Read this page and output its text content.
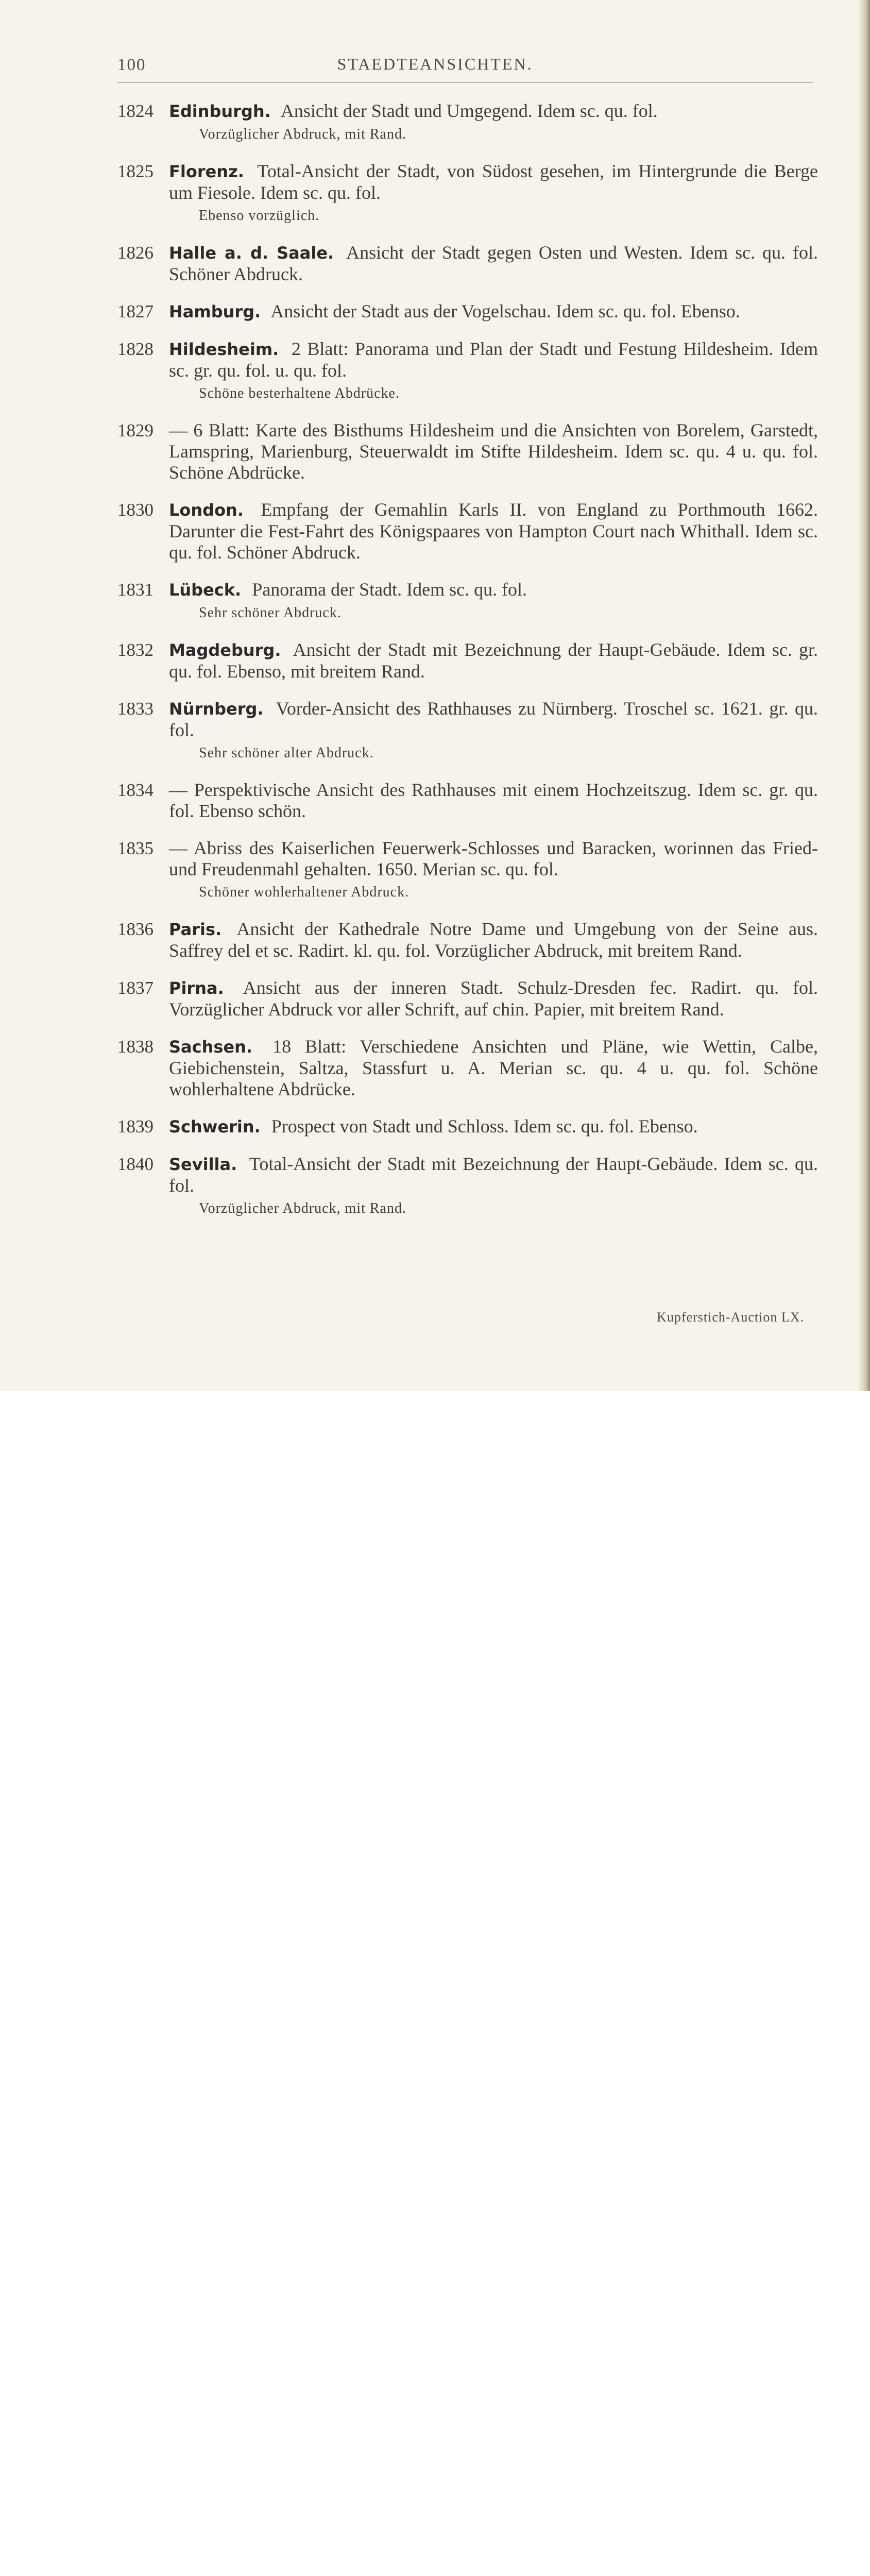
100	STAEDTEANSICHTEN.
1824 Edinburgh. Ansicht der Stadt und Umgegend. Idem sc. qu. fol.
Vorzüglicher Abdruck, mit Rand.
1825 Florenz. Total-Ansicht der Stadt, von Südost gesehen, im Hintergrunde die Berge um Fiesole. Idem sc. qu. fol.
Ebenso vorzüglich.
1826 Halle a. d. Saale. Ansicht der Stadt gegen Osten und Westen. Idem sc. qu. fol. Schöner Abdruck.
1827 Hamburg. Ansicht der Stadt aus der Vogelschau. Idem sc. qu. fol. Ebenso.
1828 Hildesheim. 2 Blatt: Panorama und Plan der Stadt und Festung Hildesheim. Idem sc. gr. qu. fol. u. qu. fol.
Schöne besterhaltene Abdrücke.
1829 — 6 Blatt: Karte des Bisthums Hildesheim und die Ansichten von Borelem, Garstedt, Lamspring, Marienburg, Steuerwaldt im Stifte Hildesheim. Idem sc. qu. 4 u. qu. fol. Schöne Abdrücke.
1830 London. Empfang der Gemahlin Karls II. von England zu Porthmouth 1662. Darunter die Fest-Fahrt des Königspaares von Hampton Court nach Whithall. Idem sc. qu. fol. Schöner Abdruck.
1831 Lübeck. Panorama der Stadt. Idem sc. qu. fol.
Sehr schöner Abdruck.
1832 Magdeburg. Ansicht der Stadt mit Bezeichnung der Haupt-Gebäude. Idem sc. gr. qu. fol. Ebenso, mit breitem Rand.
1833 Nürnberg. Vorder-Ansicht des Rathhauses zu Nürnberg. Troschel sc. 1621. gr. qu. fol.
Sehr schöner alter Abdruck.
1834 — Perspektivische Ansicht des Rathhauses mit einem Hochzeitszug. Idem sc. gr. qu. fol. Ebenso schön.
1835 — Abriss des Kaiserlichen Feuerwerk-Schlosses und Baracken, worinnen das Fried- und Freudenmahl gehalten. 1650. Merian sc. qu. fol.
Schöner wohlerhaltener Abdruck.
1836 Paris. Ansicht der Kathedrale Notre Dame und Umgebung von der Seine aus. Saffrey del et sc. Radirt. kl. qu. fol. Vorzüglicher Abdruck, mit breitem Rand.
1837 Pirna. Ansicht aus der inneren Stadt. Schulz-Dresden fec. Radirt. qu. fol. Vorzüglicher Abdruck vor aller Schrift, auf chin. Papier, mit breitem Rand.
1838 Sachsen. 18 Blatt: Verschiedene Ansichten und Pläne, wie Wettin, Calbe, Giebichenstein, Saltza, Stassfurt u. A. Merian sc. qu. 4 u. qu. fol. Schöne wohlerhaltene Abdrücke.
1839 Schwerin. Prospect von Stadt und Schloss. Idem sc. qu. fol. Ebenso.
1840 Sevilla. Total-Ansicht der Stadt mit Bezeichnung der Haupt-Gebäude. Idem sc. qu. fol.
Vorzüglicher Abdruck, mit Rand.
Kupferstich-Auction LX.
